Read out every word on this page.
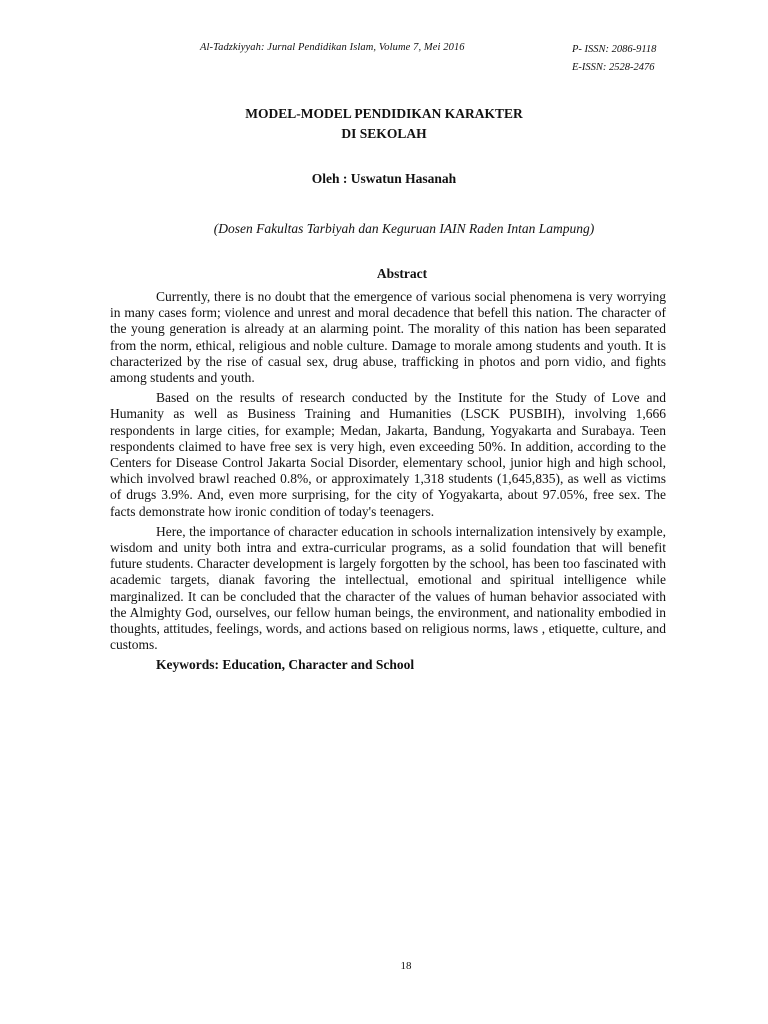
Al-Tadzkiyyah: Jurnal Pendidikan Islam, Volume 7, Mei 2016	P- ISSN: 2086-9118
E-ISSN: 2528-2476
MODEL-MODEL PENDIDIKAN KARAKTER
DI SEKOLAH
Oleh : Uswatun Hasanah
(Dosen Fakultas Tarbiyah dan Keguruan IAIN Raden Intan Lampung)
Abstract

Currently, there is no doubt that the emergence of various social phenomena is very worrying in many cases form; violence and unrest and moral decadence that befell this nation. The character of the young generation is already at an alarming point. The morality of this nation has been separated from the norm, ethical, religious and noble culture. Damage to morale among students and youth. It is characterized by the rise of casual sex, drug abuse, trafficking in photos and porn vidio, and fights among students and youth.

Based on the results of research conducted by the Institute for the Study of Love and Humanity as well as Business Training and Humanities (LSCK PUSBIH), involving 1,666 respondents in large cities, for example; Medan, Jakarta, Bandung, Yogyakarta and Surabaya. Teen respondents claimed to have free sex is very high, even exceeding 50%. In addition, according to the Centers for Disease Control Jakarta Social Disorder, elementary school, junior high and high school, which involved brawl reached 0.8%, or approximately 1,318 students (1,645,835), as well as victims of drugs 3.9%. And, even more surprising, for the city of Yogyakarta, about 97.05%, free sex. The facts demonstrate how ironic condition of today's teenagers.

Here, the importance of character education in schools internalization intensively by example, wisdom and unity both intra and extra-curricular programs, as a solid foundation that will benefit future students. Character development is largely forgotten by the school, has been too fascinated with academic targets, dianak favoring the intellectual, emotional and spiritual intelligence while marginalized. It can be concluded that the character of the values of human behavior associated with the Almighty God, ourselves, our fellow human beings, the environment, and nationality embodied in thoughts, attitudes, feelings, words, and actions based on religious norms, laws , etiquette, culture, and customs.

Keywords: Education, Character and School
18
